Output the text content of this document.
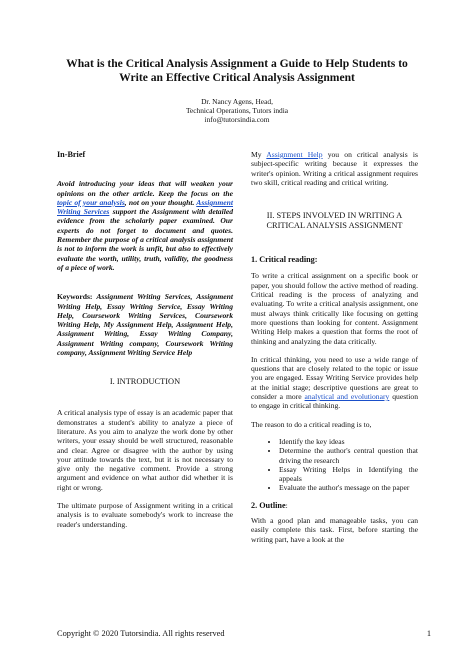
What is the Critical Analysis Assignment a Guide to Help Students to Write an Effective Critical Analysis Assignment
Dr. Nancy Agens, Head,
Technical Operations, Tutors india
info@tutorsindia.com
In-Brief

Avoid introducing your ideas that will weaken your opinions on the other article. Keep the focus on the topic of your analysis, not on your thought. Assignment Writing Services support the Assignment with detailed evidence from the scholarly paper examined. Our experts do not forget to document and quotes. Remember the purpose of a critical analysis assignment is not to inform the work is unfit, but also to effectively evaluate the worth, utility, truth, validity, the goodness of a piece of work.

Keywords: Assignment Writing Services, Assignment Writing Help, Essay Writing Service, Essay Writing Help, Coursework Writing Services, Coursework Writing Help, My Assignment Help, Assignment Help, Assignment Writing, Essay Writing Company, Assignment Writing company, Coursework Writing company, Assignment Writing Service Help

I. INTRODUCTION

A critical analysis type of essay is an academic paper that demonstrates a student's ability to analyze a piece of literature. As you aim to analyze the work done by other writers, your essay should be well structured, reasonable and clear. Agree or disagree with the author by using your attitude towards the text, but it is not necessary to give only the negative comment. Provide a strong argument and evidence on what author did whether it is right or wrong.

The ultimate purpose of Assignment writing in a critical analysis is to evaluate somebody's work to increase the reader's understanding.

My Assignment Help you on critical analysis is subject-specific writing because it expresses the writer's opinion. Writing a critical assignment requires two skill, critical reading and critical writing.

II. STEPS INVOLVED IN WRITING A CRITICAL ANALYSIS ASSIGNMENT
1. Critical reading:

To write a critical assignment on a specific book or paper, you should follow the active method of reading. Critical reading is the process of analyzing and evaluating. To write a critical analysis assignment, one must always think critically like focusing on getting more questions than looking for content. Assignment Writing Help makes a question that forms the root of thinking and analyzing the data critically.

In critical thinking, you need to use a wide range of questions that are closely related to the topic or issue you are engaged. Essay Writing Service provides help at the initial stage; descriptive questions are great to consider a more analytical and evolutionary question to engage in critical thinking.

The reason to do a critical reading is to,

• Identify the key ideas
• Determine the author's central question that driving the research
• Essay Writing Helps in Identifying the appeals
• Evaluate the author's message on the paper
2. Outline:

With a good plan and manageable tasks, you can easily complete this task. First, before starting the writing part, have a look at the

Copyright © 2020 Tutorsindia. All rights reserved	1
